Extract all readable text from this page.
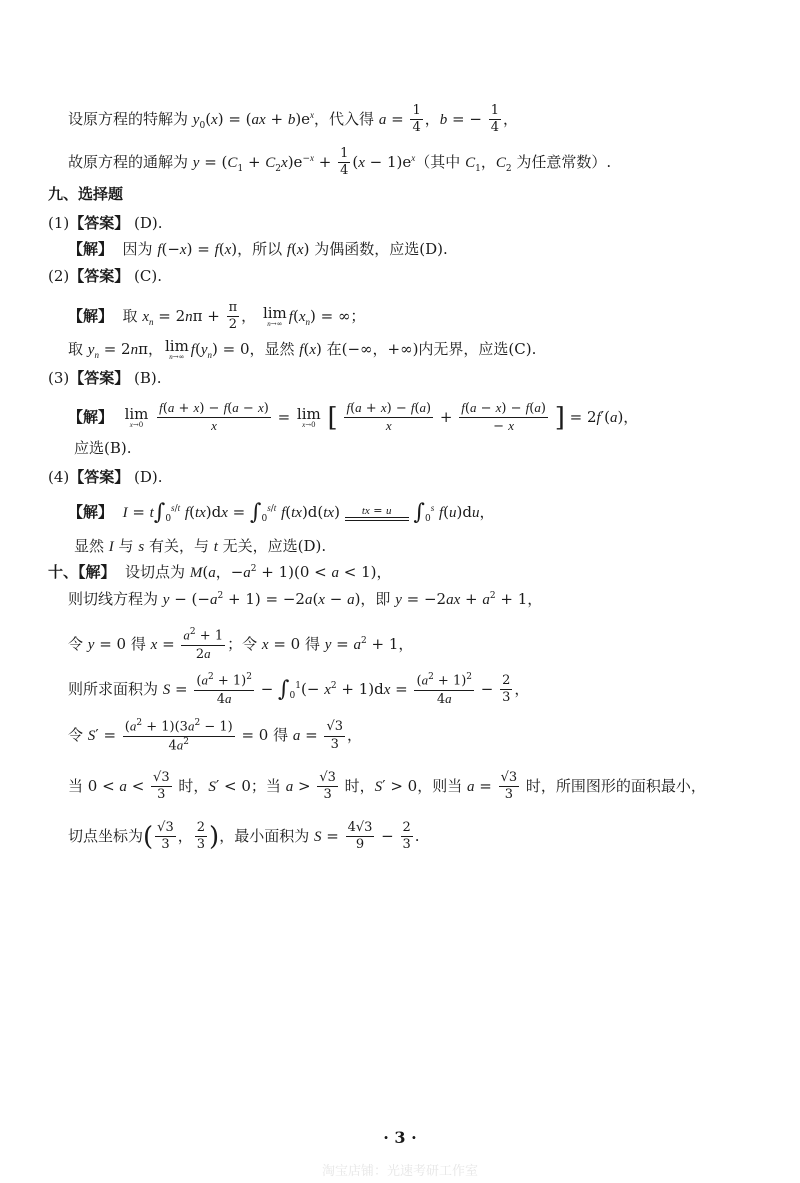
设原方程的特解为 $y_0(x) = (ax + b)e^x$，代入得 $a = \frac{1}{4}$ ，b = − $\frac{1}{4}$ ，
故原方程的通解为 $y = (C_1 + C_2x)e^{-x} + \frac{1}{4} (x - 1)e^x$（其中 $C_1$，$C_2$ 为任意常数）.
九、选择题
(1)【答案】 (D).
【解】  因为 f(−x) = f(x)，所以 f(x) 为偶函数，应选(D).
(2)【答案】 (C).
【解】  取 $x_n = 2n\pi + \frac{\pi}{2}$ ， lim
n→∞ $f(x_n)$ = ∞；
取 $y_n = 2n\pi$， lim
n→∞ $f(y_n) = 0$，显然 f(x) 在(−∞，+∞)内无界，应选(C).
(3)【答案】 (B).
【解】 lim
x→0
$\frac{f(a + x) - f(a - x)}{x} = \lim$
x→0 [ $\frac{f(a + x) - f(a)}{x} + \frac{f(a - x) - f(a)}{- x}$ ] = 2f′(a)，
应选(B).
(4)【答案】 (D).
【解】 $I = t\int_0^{s/t}$ $f(tx)dx = \int_0^{s/t}$ f(tx)d(tx) tx = u $\int_0^s$ f(u)du，
显然 I 与 s 有关，与 t 无关，应选(D).
十、【解】  设切点为 M(a，$-a^2 + 1)(0 < a < 1)$，
则切线方程为 $y - (-a^2 + 1) = -2a(x - a)$，即 $y = -2ax + a^2 + 1$，
令 y = 0 得 $x = \frac{a^2 + 1}{2a}$ ；令 x = 0 得 $y = a^2 + 1$，
则所求面积为 $S = \frac{(a^2 + 1)^2}{4a} - \int_0^1(- x^2 + 1)dx = \frac{(a^2 + 1)^2}{4a} - \frac{2}{3}$ ，
令 $S' = \frac{(a^2 + 1)(3a^2 - 1)}{4a^2} = 0$ 得 $a = \frac{√3}{3}$ ，
当 $0 < a < \frac{√3}{3}$ 时，S′ < 0；当 $a > \frac{√3}{3}$ 时，S′ > 0，则当 $a = \frac{√3}{3}$ 时，所围图形的面积最小，
切点坐标为( $\frac{√3}{3}$ ， $\frac{2}{3}$ )，最小面积为 $S = \frac{4√3}{9} - \frac{2}{3}$ .
· 3 ·
淘宝店铺：光速考研工作室
